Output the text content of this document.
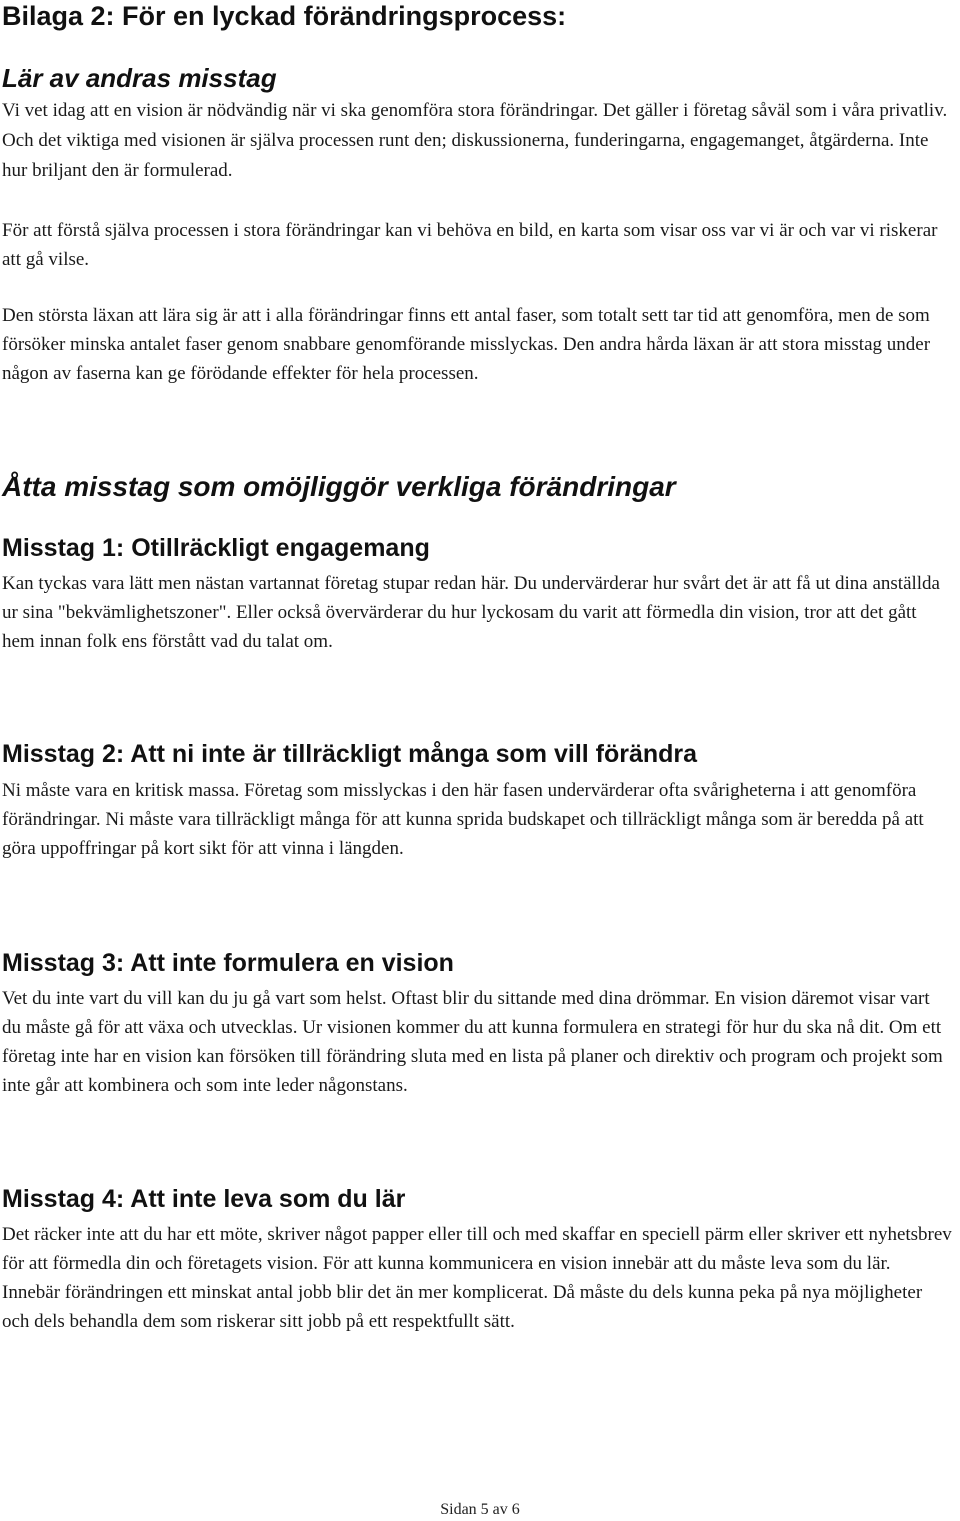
Bilaga 2: För en lyckad förändringsprocess:
Lär av andras misstag

Vi vet idag att en vision är nödvändig när vi ska genomföra stora förändringar. Det gäller i företag såväl som i våra privatliv. Och det viktiga med visionen är själva processen runt den; diskussionerna, funderingarna, engagemanget, åtgärderna. Inte hur briljant den är formulerad.

För att förstå själva processen i stora förändringar kan vi behöva en bild, en karta som visar oss var vi är och var vi riskerar att gå vilse.

Den största läxan att lära sig är att i alla förändringar finns ett antal faser, som totalt sett tar tid att genomföra, men de som försöker minska antalet faser genom snabbare genomförande misslyckas. Den andra hårda läxan är att stora misstag under någon av faserna kan ge förödande effekter för hela processen.

Åtta misstag som omöjliggör verkliga förändringar
Misstag 1: Otillräckligt engagemang

Kan tyckas vara lätt men nästan vartannat företag stupar redan här. Du undervärderar hur svårt det är att få ut dina anställda ur sina "bekvämlighetszoner". Eller också övervärderar du hur lyckosam du varit att förmedla din vision, tror att det gått hem innan folk ens förstått vad du talat om.

Misstag 2: Att ni inte är tillräckligt många som vill förändra

Ni måste vara en kritisk massa. Företag som misslyckas i den här fasen undervärderar ofta svårigheterna i att genomföra förändringar. Ni måste vara tillräckligt många för att kunna sprida budskapet och tillräckligt många som är beredda på att göra uppoffringar på kort sikt för att vinna i längden.

Misstag 3: Att inte formulera en vision

Vet du inte vart du vill kan du ju gå vart som helst. Oftast blir du sittande med dina drömmar. En vision däremot visar vart du måste gå för att växa och utvecklas. Ur visionen kommer du att kunna formulera en strategi för hur du ska nå dit. Om ett företag inte har en vision kan försöken till förändring sluta med en lista på planer och direktiv och program och projekt som inte går att kombinera och som inte leder någonstans.

Misstag 4: Att inte leva som du lär

Det räcker inte att du har ett möte, skriver något papper eller till och med skaffar en speciell pärm eller skriver ett nyhetsbrev för att förmedla din och företagets vision. För att kunna kommunicera en vision innebär att du måste leva som du lär. Innebär förändringen ett minskat antal jobb blir det än mer komplicerat. Då måste du dels kunna peka på nya möjligheter och dels behandla dem som riskerar sitt jobb på ett respektfullt sätt.

Sidan 5 av 6
